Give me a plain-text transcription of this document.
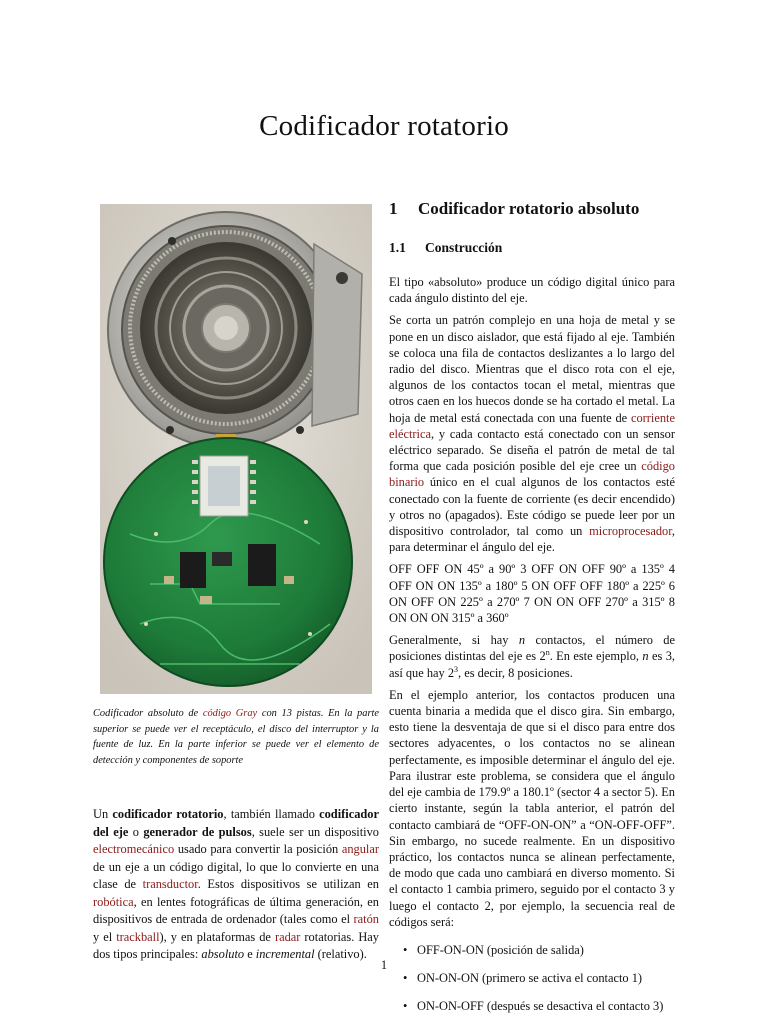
Codificador rotatorio
Codificador absoluto de código Gray con 13 pistas. En la parte superior se puede ver el receptáculo, el disco del interruptor y la fuente de luz. En la parte inferior se puede ver el elemento de detección y componentes de soporte
Un codificador rotatorio, también llamado codificador del eje o generador de pulsos, suele ser un dispositivo electromecánico usado para convertir la posición angular de un eje a un código digital, lo que lo convierte en una clase de transductor. Estos dispositivos se utilizan en robótica, en lentes fotográficas de última generación, en dispositivos de entrada de ordenador (tales como el ratón y el trackball), y en plataformas de radar rotatorias. Hay dos tipos principales: absoluto e incremental (relativo).
1	Codificador rotatorio absoluto
1.1	Construcción

El tipo «absoluto» produce un código digital único para cada ángulo distinto del eje.

Se corta un patrón complejo en una hoja de metal y se pone en un disco aislador, que está fijado al eje. También se coloca una fila de contactos deslizantes a lo largo del radio del disco. Mientras que el disco rota con el eje, algunos de los contactos tocan el metal, mientras que otros caen en los huecos donde se ha cortado el metal. La hoja de metal está conectada con una fuente de corriente eléctrica, y cada contacto está conectado con un sensor eléctrico separado. Se diseña el patrón de metal de tal forma que cada posición posible del eje cree un código binario único en el cual algunos de los contactos esté conectado con la fuente de corriente (es decir encendido) y otros no (apagados). Este código se puede leer por un dispositivo controlador, tal como un microprocesador, para determinar el ángulo del eje.

OFF OFF ON 45º a 90º 3 OFF ON OFF 90º a 135º 4 OFF ON ON 135º a 180º 5 ON OFF OFF 180º a 225º 6 ON OFF ON 225º a 270º 7 ON ON OFF 270º a 315º 8 ON ON ON 315º a 360º

Generalmente, si hay n contactos, el número de posiciones distintas del eje es 2$^n$. En este ejemplo, n es 3, así que hay $2^3$, es decir, 8 posiciones.

En el ejemplo anterior, los contactos producen una cuenta binaria a medida que el disco gira. Sin embargo, esto tiene la desventaja de que si el disco para entre dos sectores adyacentes, o los contactos no se alinean perfectamente, es imposible determinar el ángulo del eje. Para ilustrar este problema, se considera que el ángulo del eje cambia de 179.9º a 180.1º (sector 4 a sector 5). En cierto instante, según la tabla anterior, el patrón del contacto cambiará de “OFF-ON-ON” a “ON-OFF-OFF”. Sin embargo, no sucede realmente. En un dispositivo práctico, los contactos nunca se alinean perfectamente, de modo que cada uno cambiará en diverso momento. Si el contacto 1 cambia primero, seguido por el contacto 3 y luego el contacto 2, por ejemplo, la secuencia real de códigos será:

• OFF-ON-ON (posición de salida)
• ON-ON-ON (primero se activa el contacto 1)
• ON-ON-OFF (después se desactiva el contacto 3)
1
